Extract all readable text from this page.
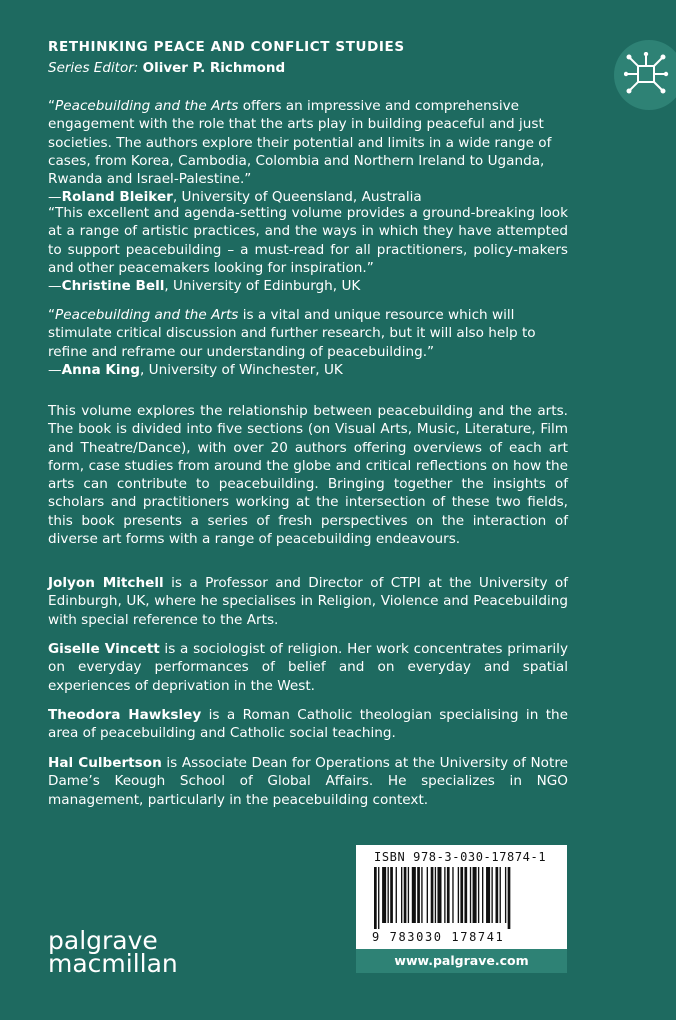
RETHINKING PEACE AND CONFLICT STUDIES
Series Editor: Oliver P. Richmond

“Peacebuilding and the Arts offers an impressive and comprehensive engagement with the role that the arts play in building peaceful and just societies. The authors explore their potential and limits in a wide range of cases, from Korea, Cambodia, Colombia and Northern Ireland to Uganda, Rwanda and Israel-Palestine.”

—Roland Bleiker, University of Queensland, Australia

“This excellent and agenda-setting volume provides a ground-breaking look at a range of artistic practices, and the ways in which they have attempted to support peacebuilding – a must-read for all practitioners, policy-makers and other peacemakers looking for inspiration.”

—Christine Bell, University of Edinburgh, UK

“Peacebuilding and the Arts is a vital and unique resource which will stimulate critical discussion and further research, but it will also help to refine and reframe our understanding of peacebuilding.”

—Anna King, University of Winchester, UK

This volume explores the relationship between peacebuilding and the arts. The book is divided into five sections (on Visual Arts, Music, Literature, Film and Theatre/Dance), with over 20 authors offering overviews of each art form, case studies from around the globe and critical reflections on how the arts can contribute to peacebuilding. Bringing together the insights of scholars and practitioners working at the intersection of these two fields, this book presents a series of fresh perspectives on the interaction of diverse art forms with a range of peacebuilding endeavours.
Jolyon Mitchell is a Professor and Director of CTPI at the University of Edinburgh, UK, where he specialises in Religion, Violence and Peacebuilding with special reference to the Arts.
Giselle Vincett is a sociologist of religion. Her work concentrates primarily on everyday performances of belief and on everyday and spatial experiences of deprivation in the West.
Theodora Hawksley is a Roman Catholic theologian specialising in the area of peacebuilding and Catholic social teaching.
Hal Culbertson is Associate Dean for Operations at the University of Notre Dame’s Keough School of Global Affairs. He specializes in NGO management, particularly in the peacebuilding context.
palgrave
macmillan
ISBN 978-3-030-17874-1
9 783030 178741
www.palgrave.com
